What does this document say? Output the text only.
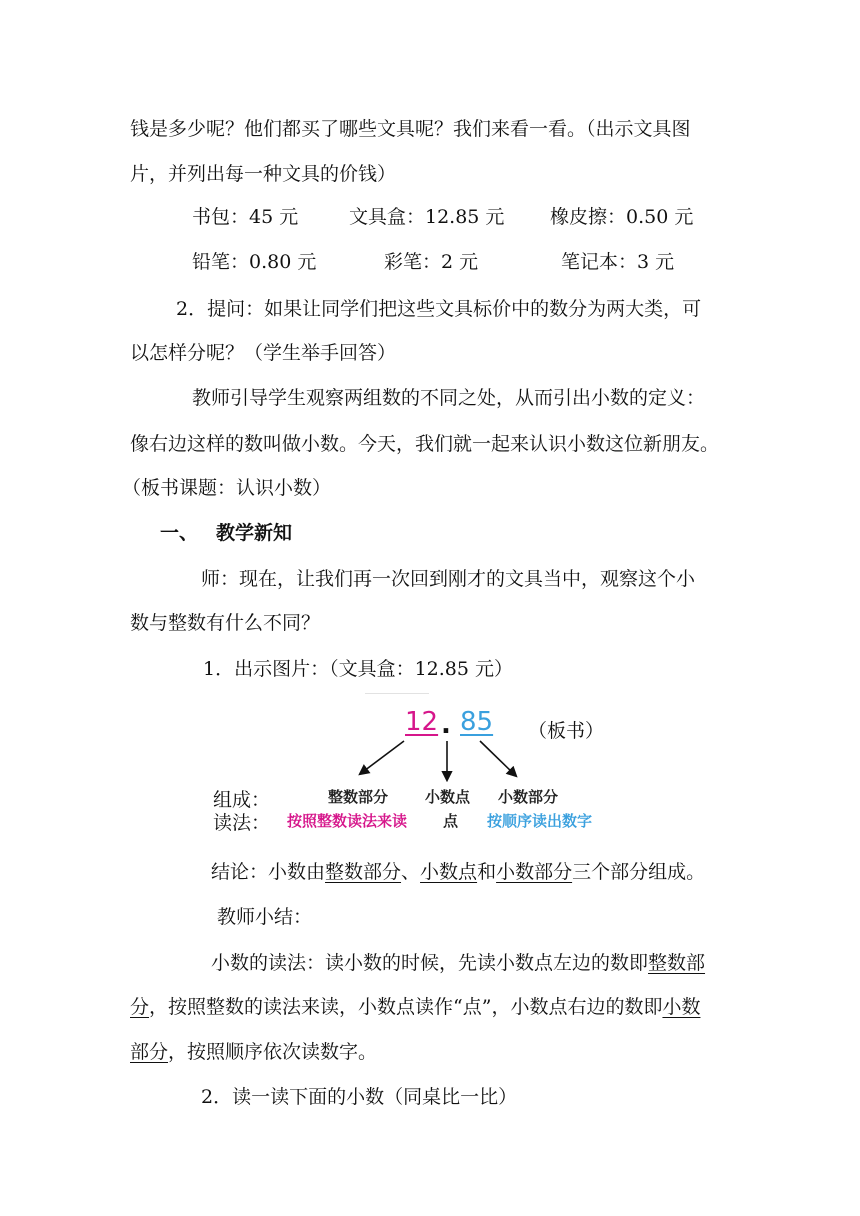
钱是多少呢？他们都买了哪些文具呢？我们来看一看。（出示文具图
片，并列出每一种文具的价钱）
书包：45 元	文具盒：12.85 元 橡皮擦：0.50 元
铅笔：0.80 元	彩笔：2 元	笔记本：3 元
2．提问：如果让同学们把这些文具标价中的数分为两大类，可
以怎样分呢？（学生举手回答）
教师引导学生观察两组数的不同之处，从而引出小数的定义：
像右边这样的数叫做小数。今天，我们就一起来认识小数这位新朋友。
（板书课题：认识小数）
一、 教学新知
师：现在，让我们再一次回到刚才的文具当中，观察这个小
数与整数有什么不同？
1．出示图片：（文具盒：12.85 元）
12 . 85 （板书）
组成：
读法：
整数部分 小数点 小数部分
按照整数读法来读 点 按顺序读出数字
结论：小数由整数部分、小数点和小数部分三个部分组成。
教师小结：
小数的读法：读小数的时候，先读小数点左边的数即整数部
分，按照整数的读法来读，小数点读作“点”，小数点右边的数即小数
部分，按照顺序依次读数字。
2．读一读下面的小数（同桌比一比）
